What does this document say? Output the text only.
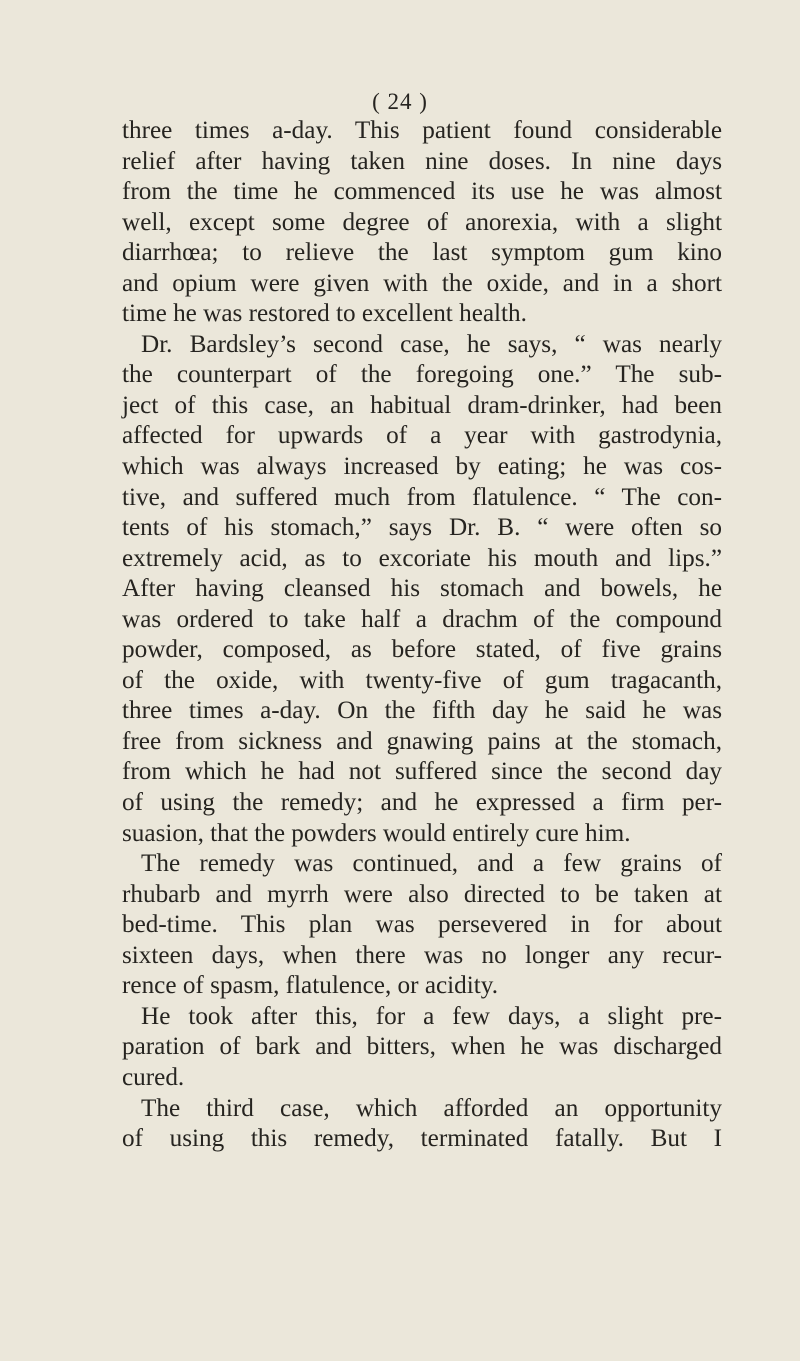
( 24 )
three times a-day. This patient found considerable
relief after having taken nine doses. In nine days
from the time he commenced its use he was almost
well, except some degree of anorexia, with a slight
diarrhœa; to relieve the last symptom gum kino
and opium were given with the oxide, and in a short
time he was restored to excellent health.
Dr. Bardsley’s second case, he says, “ was nearly
the counterpart of the foregoing one.” The sub-
ject of this case, an habitual dram-drinker, had been
affected for upwards of a year with gastrodynia,
which was always increased by eating; he was cos-
tive, and suffered much from flatulence. “ The con-
tents of his stomach,” says Dr. B. “ were often so
extremely acid, as to excoriate his mouth and lips.”
After having cleansed his stomach and bowels, he
was ordered to take half a drachm of the compound
powder, composed, as before stated, of five grains
of the oxide, with twenty-five of gum tragacanth,
three times a-day. On the fifth day he said he was
free from sickness and gnawing pains at the stomach,
from which he had not suffered since the second day
of using the remedy; and he expressed a firm per-
suasion, that the powders would entirely cure him.
The remedy was continued, and a few grains of
rhubarb and myrrh were also directed to be taken at
bed-time. This plan was persevered in for about
sixteen days, when there was no longer any recur-
rence of spasm, flatulence, or acidity.
He took after this, for a few days, a slight pre-
paration of bark and bitters, when he was discharged
cured.
The third case, which afforded an opportunity
of using this remedy, terminated fatally. But I
